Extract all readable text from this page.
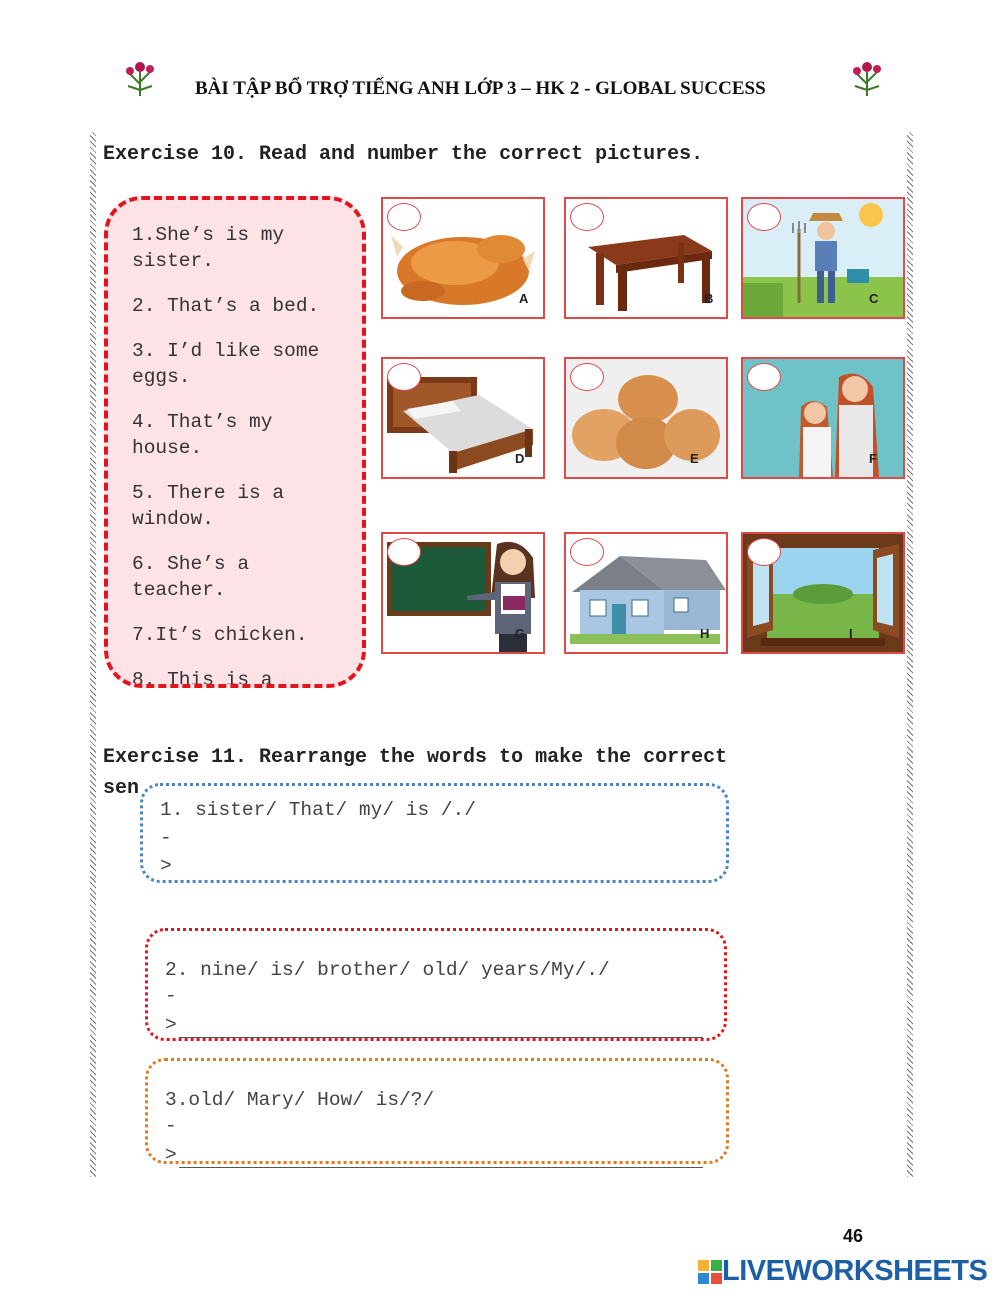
BÀI TẬP BỔ TRỢ TIẾNG ANH LỚP 3 – HK 2 - GLOBAL SUCCESS
Exercise 10. Read and number the correct pictures.
1.She’s is my sister.
2. That’s a bed.
3. I’d like some eggs.
4. That’s my house.
5. There is a window.
6. She’s a teacher.
7.It’s chicken.
8. This is a
A	B	C
D	E	F
G	H	I
Exercise 11. Rearrange the words to make the correct
sen
1. sister/ That/ my/ is /./
-
>
2. nine/ is/ brother/ old/ years/My/./
-
>
3.old/ Mary/ How/ is/?/
-
>
46
LIVEWORKSHEETS
